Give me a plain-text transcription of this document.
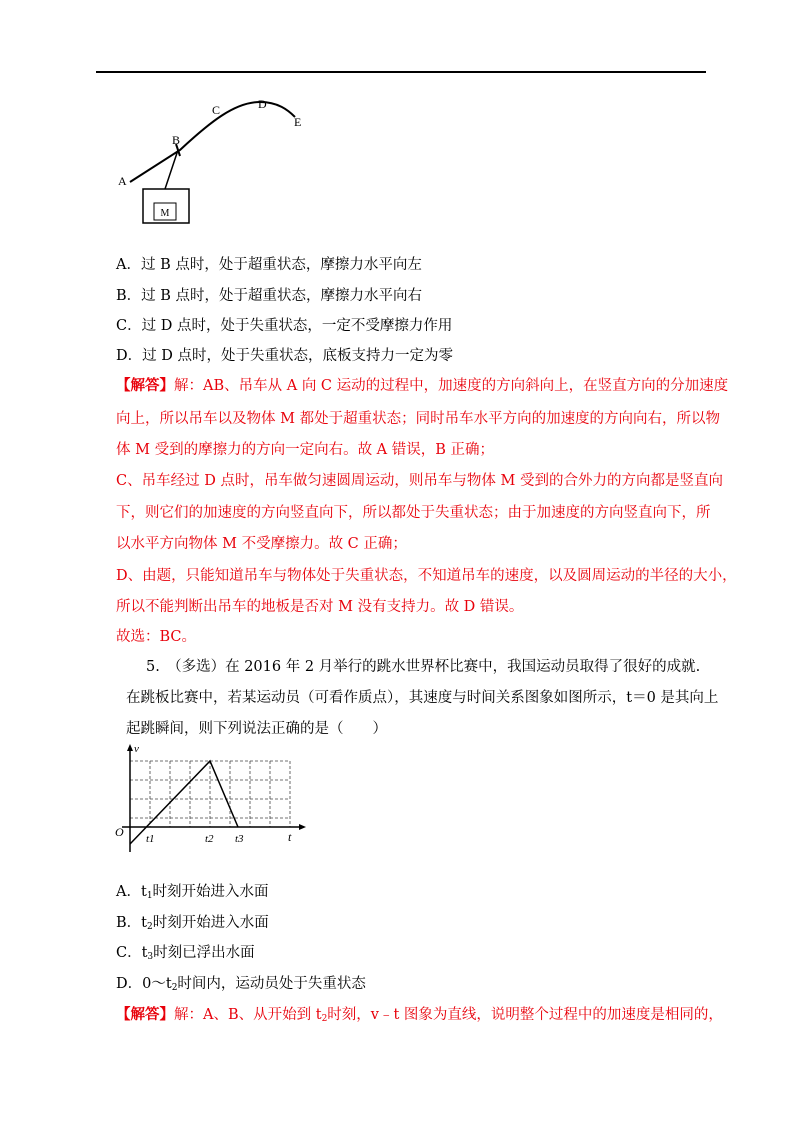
M
A
B
C	D
E
A．过 B 点时，处于超重状态，摩擦力水平向左
B．过 B 点时，处于超重状态，摩擦力水平向右
C．过 D 点时，处于失重状态，一定不受摩擦力作用
D．过 D 点时，处于失重状态，底板支持力一定为零
【解答】解：AB、吊车从 A 向 C 运动的过程中，加速度的方向斜向上，在竖直方向的分加速度
向上，所以吊车以及物体 M 都处于超重状态；同时吊车水平方向的加速度的方向向右，所以物
体 M 受到的摩擦力的方向一定向右。故 A 错误，B 正确；
C、吊车经过 D 点时，吊车做匀速圆周运动，则吊车与物体 M 受到的合外力的方向都是竖直向
下，则它们的加速度的方向竖直向下，所以都处于失重状态；由于加速度的方向竖直向下，所
以水平方向物体 M 不受摩擦力。故 C 正确；
D、由题，只能知道吊车与物体处于失重状态，不知道吊车的速度，以及圆周运动的半径的大小，
所以不能判断出吊车的地板是否对 M 没有支持力。故 D 错误。
故选：BC。
5.　（多选）在 2016 年 2 月举行的跳水世界杯比赛中，我国运动员取得了很好的成就.
在跳板比赛中，若某运动员（可看作质点），其速度与时间关系图象如图所示，t＝0 是其向上
起跳瞬间，则下列说法正确的是（　　）
v
t
O t1	t2 t3
A．$t_1$时刻开始进入水面
B．$t_2$时刻开始进入水面
C．$t_3$时刻已浮出水面
D．$0\sim t_2$时间内，运动员处于失重状态
【解答】解：A、B、从开始到 $t_2$时刻，v﹣t 图象为直线，说明整个过程中的加速度是相同的，
